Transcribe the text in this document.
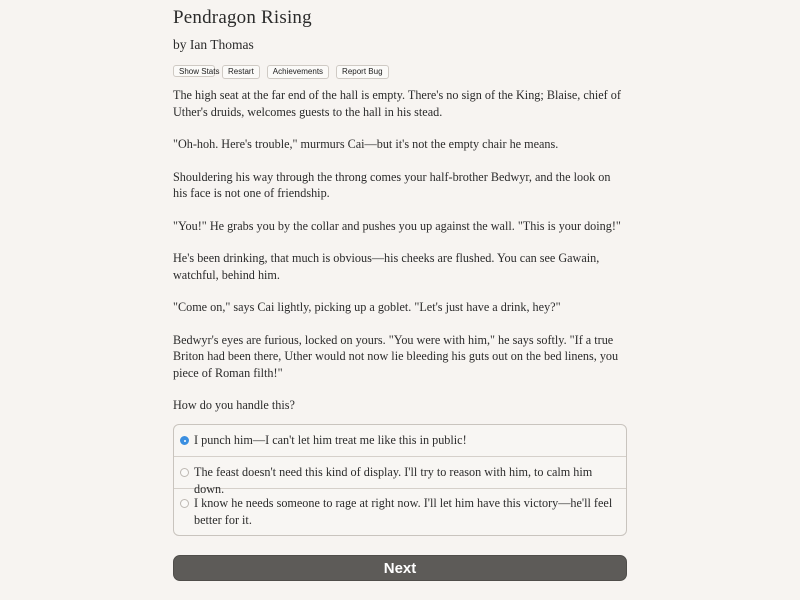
Pendragon Rising
by Ian Thomas
Show Stats	Restart	Achievements	Report Bug

The high seat at the far end of the hall is empty. There's no sign of the King; Blaise, chief of Uther's druids, welcomes guests to the hall in his stead.

"Oh-hoh. Here's trouble," murmurs Cai—but it's not the empty chair he means.

Shouldering his way through the throng comes your half-brother Bedwyr, and the look on his face is not one of friendship.

"You!" He grabs you by the collar and pushes you up against the wall. "This is your doing!"

He's been drinking, that much is obvious—his cheeks are flushed. You can see Gawain, watchful, behind him.

"Come on," says Cai lightly, picking up a goblet. "Let's just have a drink, hey?"

Bedwyr's eyes are furious, locked on yours. "You were with him," he says softly. "If a true Briton had been there, Uther would not now lie bleeding his guts out on the bed linens, you piece of Roman filth!"

How do you handle this?

I punch him—I can't let him treat me like this in public!
The feast doesn't need this kind of display. I'll try to reason with him, to calm him down.
I know he needs someone to rage at right now. I'll let him have this victory—he'll feel better for it.
Next
